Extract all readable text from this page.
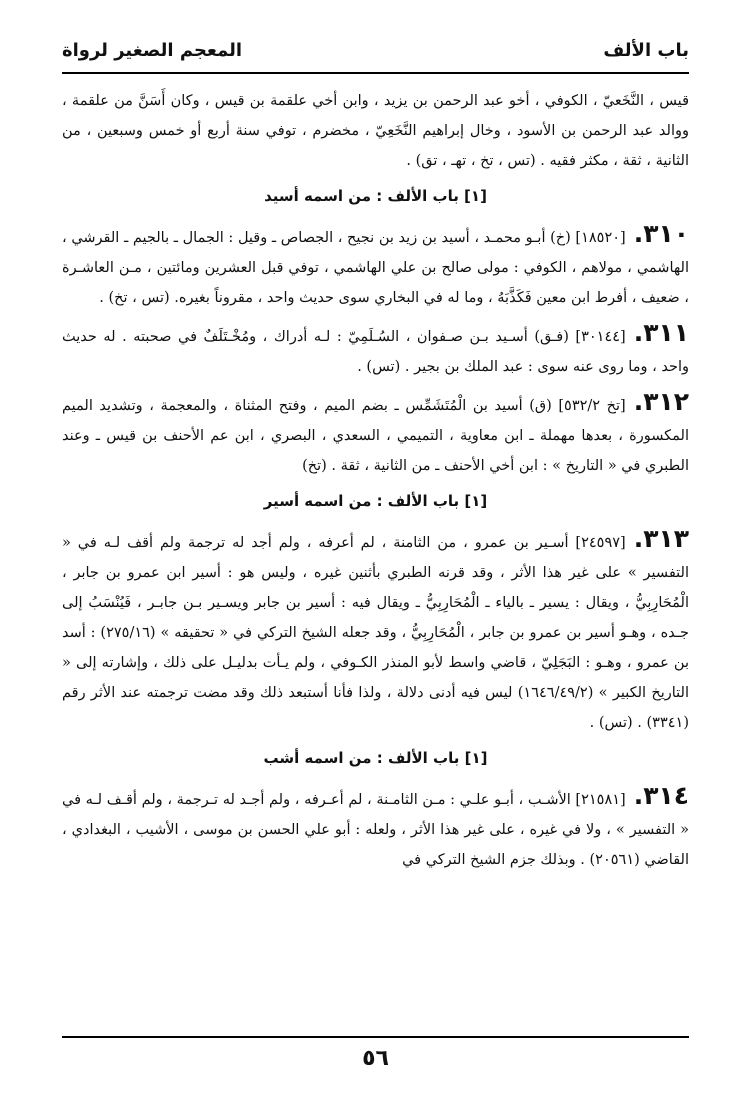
باب الألف
المعجم الصغير لرواة

قيس ، النَّخَعيّ ، الكوفي ، أخو عبد الرحمن بن يزيد ، وابن أخي علقمة بن قيس ، وكان أَسَنَّ من علقمة ، ووالد عبد الرحمن بن الأسود ، وخال إبراهيم النَّخَعِيّ ، مخضرم ، توفي سنة أربع أو خمس وسبعين ، من الثانية ، ثقة ، مكثر فقيه . (تس ، تخ ، تهـ ، تق) .

[١] باب الألف : من اسمه أسيد

٣١٠.[١٨٥٢٠] (خ) أبـو محمـد ، أسيد بن زيد بن نجيح ، الجصاص ـ وقيل : الجمال ـ بالجيم ـ القرشي ، الهاشمي ، مولاهم ، الكوفي : مولى صالح بن علي الهاشمي ، توفي قبل العشرين ومائتين ، مـن العاشـرة ، ضعيف ، أفرط ابن معين فَكَذَّبَهُ ، وما له في البخاري سوى حديث واحد ، مقروناً بغيره. (تس ، تخ) .

٣١١.[٣٠١٤٤] (فـق) أسـيد بـن صـفوان ، السُـلَمِيّ : لـه أدراك ، ومُخْـتَلَفٌ في صحبته . له حديث واحد ، وما روى عنه سوى : عبد الملك بن بجير . (تس) .

٣١٢.[تخ ٥٣٢/٢] (ق) أسيد بن الْمُتَشَمِّس ـ بضم الميم ، وفتح المثناة ، والمعجمة ، وتشديد الميم المكسورة ، بعدها مهملة ـ ابن معاوية ، التميمي ، السعدي ، البصري ، ابن عم الأحنف بن قيس ـ وعند الطبري في « التاريخ » : ابن أخي الأحنف ـ من الثانية ، ثقة . (تخ)

[١] باب الألف : من اسمه أسير

٣١٣.[٢٤٥٩٧] أسـير بن عمرو ، من الثامنة ، لم أعرفه ، ولم أجد له ترجمة ولم أقف لـه في « التفسير » على غير هذا الأثر ، وقد قرنه الطبري بأثنين غيره ، وليس هو : أسير ابن عمرو بن جابر ، الْمُحَارِبِيُّ ، ويقال : يسير ـ بالياء ـ الْمُحَارِبِيُّ ـ ويقال فيه : أسير بن جابر ويسـير بـن جابـر ، فَيُنْسَبُ إلى جـده ، وهـو أسير بن عمرو بن جابر ، الْمُحَارِبِيُّ ، وقد جعله الشيخ التركي في « تحقيقه » (٢٧٥/١٦) : أسد بن عمرو ، وهـو : البَجَلِيّ ، قاضي واسط لأبو المنذر الكـوفي ، ولم يـأت بدليـل على ذلك ، وإشارته إلى « التاريخ الكبير » (١٦٤٦/٤٩/٢) ليس فيه أدنى دلالة ، ولذا فأنا أستبعد ذلك وقد مضت ترجمته عند الأثر رقم (٣٣٤١) . (تس) .

[١] باب الألف : من اسمه أشب

٣١٤.[٢١٥٨١] الأشـب ، أبـو علـي : مـن الثامـنة ، لم أعـرفه ، ولم أجـد له تـرجمة ، ولم أقـف لـه في « التفسير » ، ولا في غيره ، على غير هذا الأثر ، ولعله : أبو علي الحسن بن موسى ، الأشيب ، البغدادي ، القاضي (٢٠٥٦١) . وبذلك جزم الشيخ التركي في

٥٦
